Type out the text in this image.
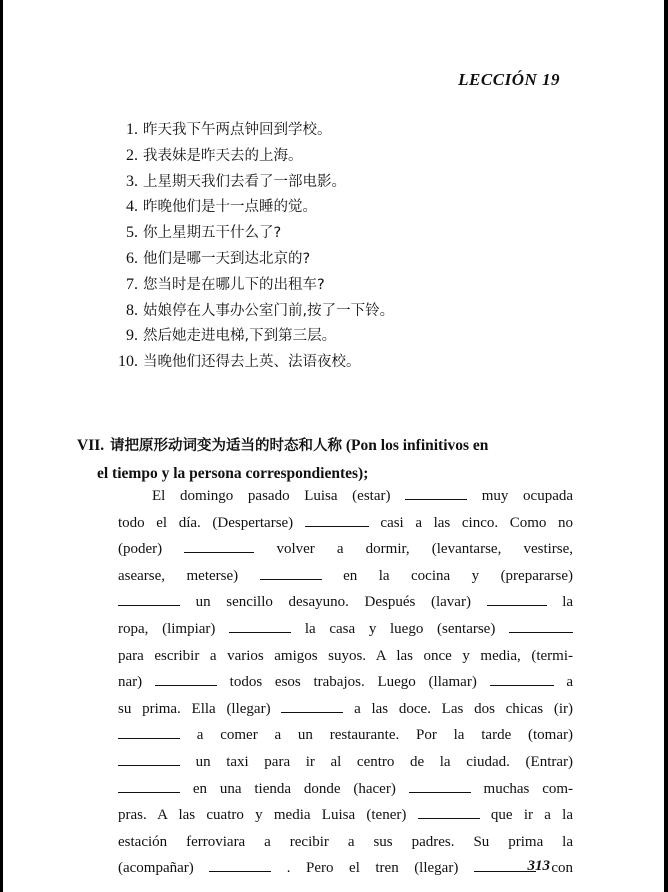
LECCIÓN 19
1. 昨天我下午两点钟回到学校。
2. 我表妹是昨天去的上海。
3. 上星期天我们去看了一部电影。
4. 昨晚他们是十一点睡的觉。
5. 你上星期五干什么了?
6. 他们是哪一天到达北京的?
7. 您当时是在哪儿下的出租车?
8. 姑娘停在人事办公室门前,按了一下铃。
9. 然后她走进电梯,下到第三层。
10. 当晚他们还得去上英、法语夜校。
VII. 请把原形动词变为适当的时态和人称 (Pon los infinitivos en
el tiempo y la persona correspondientes);
El domingo pasado Luisa (estar)	muy ocupada
todo el día. (Despertarse)	casi a las cinco. Como no
(poder)	volver a dormir, (levantarse, vestirse,
asearse, meterse)	en la cocina y (prepararse)
un sencillo desayuno. Después (lavar)	la
ropa, (limpiar)	la casa y luego (sentarse)
para escribir a varios amigos suyos. A las once y media, (termi-
nar)	todos esos trabajos. Luego (llamar)	a
su prima. Ella (llegar)	a las doce. Las dos chicas (ir)
a comer a un restaurante. Por la tarde (tomar)
un taxi para ir al centro de la ciudad. (Entrar)
en una tienda donde (hacer)	muchas com-
pras. A las cuatro y media Luisa (tener)	que ir a la
estación ferroviara a recibir a sus padres. Su prima la
(acompañar)	. Pero el tren (llegar)	con
313
